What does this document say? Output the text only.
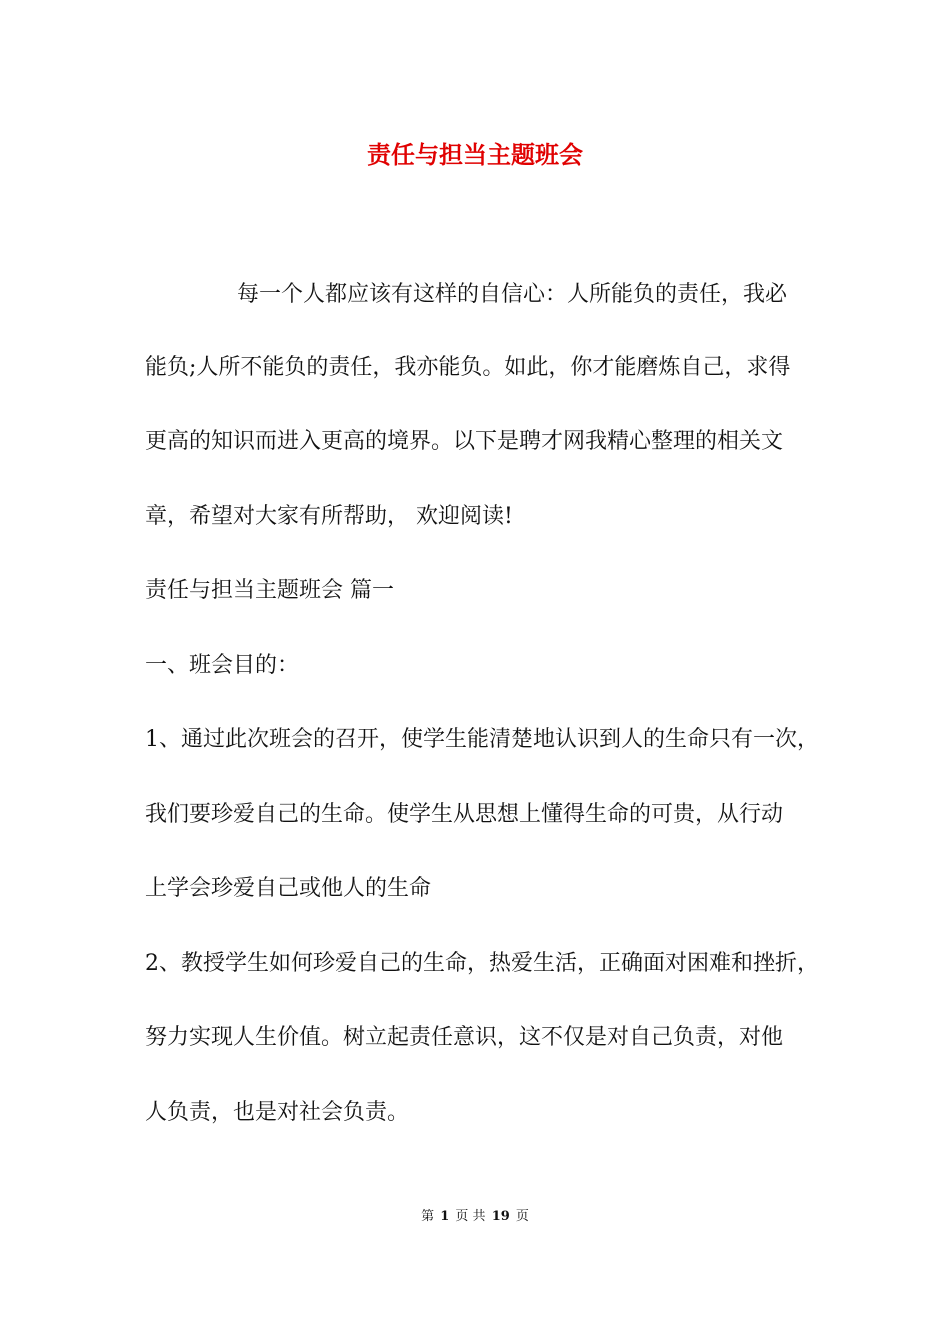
责任与担当主题班会

每一个人都应该有这样的自信心：人所能负的责任，我必

能负;人所不能负的责任，我亦能负。如此，你才能磨炼自己，求得

更高的知识而进入更高的境界。以下是聘才网我精心整理的相关文

章，希望对大家有所帮助， 欢迎阅读!

责任与担当主题班会 篇一

一、班会目的：

1、通过此次班会的召开，使学生能清楚地认识到人的生命只有一次，

我们要珍爱自己的生命。使学生从思想上懂得生命的可贵，从行动

上学会珍爱自己或他人的生命

2、教授学生如何珍爱自己的生命，热爱生活，正确面对困难和挫折，

努力实现人生价值。树立起责任意识，这不仅是对自己负责，对他

人负责，也是对社会负责。

第 1 页 共 19 页
